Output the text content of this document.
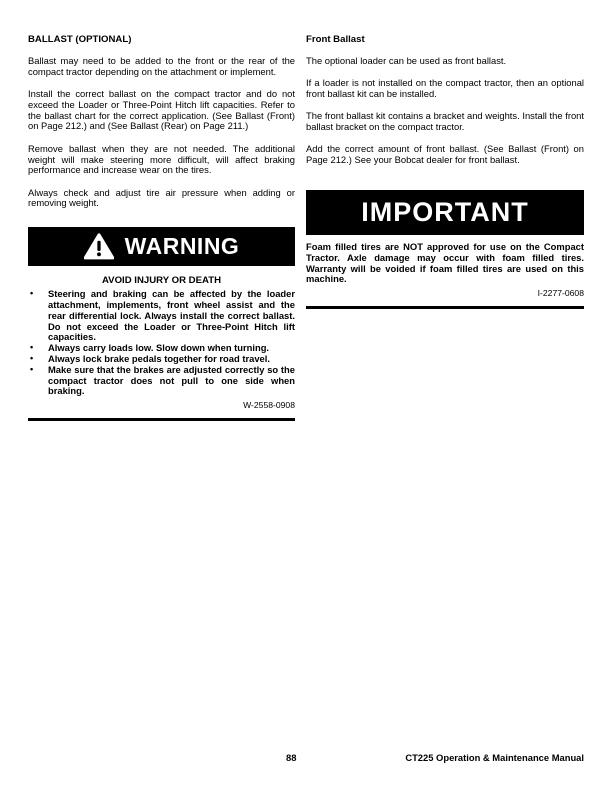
BALLAST (OPTIONAL)

Ballast may need to be added to the front or the rear of the compact tractor depending on the attachment or implement.

Install the correct ballast on the compact tractor and do not exceed the Loader or Three-Point Hitch lift capacities. Refer to the ballast chart for the correct application. (See Ballast (Front) on Page 212.) and (See Ballast (Rear) on Page 211.)

Remove ballast when they are not needed. The additional weight will make steering more difficult, will affect braking performance and increase wear on the tires.

Always check and adjust tire air pressure when adding or removing weight.

WARNING
AVOID INJURY OR DEATH
• Steering and braking can be affected by the loader attachment, implements, front wheel assist and the rear differential lock. Always install the correct ballast. Do not exceed the Loader or Three-Point Hitch lift capacities.
• Always carry loads low. Slow down when turning.
• Always lock brake pedals together for road travel.
• Make sure that the brakes are adjusted correctly so the compact tractor does not pull to one side when braking.
W-2558-0908
Front Ballast

The optional loader can be used as front ballast.

If a loader is not installed on the compact tractor, then an optional front ballast kit can be installed.

The front ballast kit contains a bracket and weights. Install the front ballast bracket on the compact tractor.

Add the correct amount of front ballast. (See Ballast (Front) on Page 212.) See your Bobcat dealer for front ballast.

IMPORTANT

Foam filled tires are NOT approved for use on the Compact Tractor. Axle damage may occur with foam filled tires. Warranty will be voided if foam filled tires are used on this machine.

I-2277-0608
88	CT225 Operation & Maintenance Manual
